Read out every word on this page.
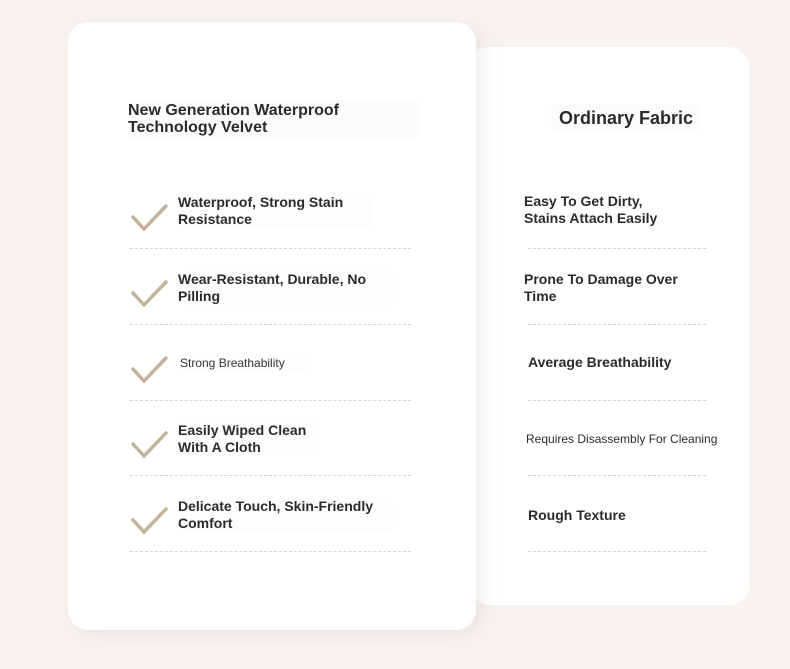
New Generation Waterproof Technology Velvet
Waterproof, Strong Stain Resistance
Wear-Resistant, Durable, No Pilling
Strong Breathability
Easily Wiped Clean With A Cloth
Delicate Touch, Skin-Friendly Comfort
Ordinary Fabric
Easy To Get Dirty, Stains Attach Easily
Prone To Damage Over Time
Average Breathability
Requires Disassembly For Cleaning
Rough Texture
